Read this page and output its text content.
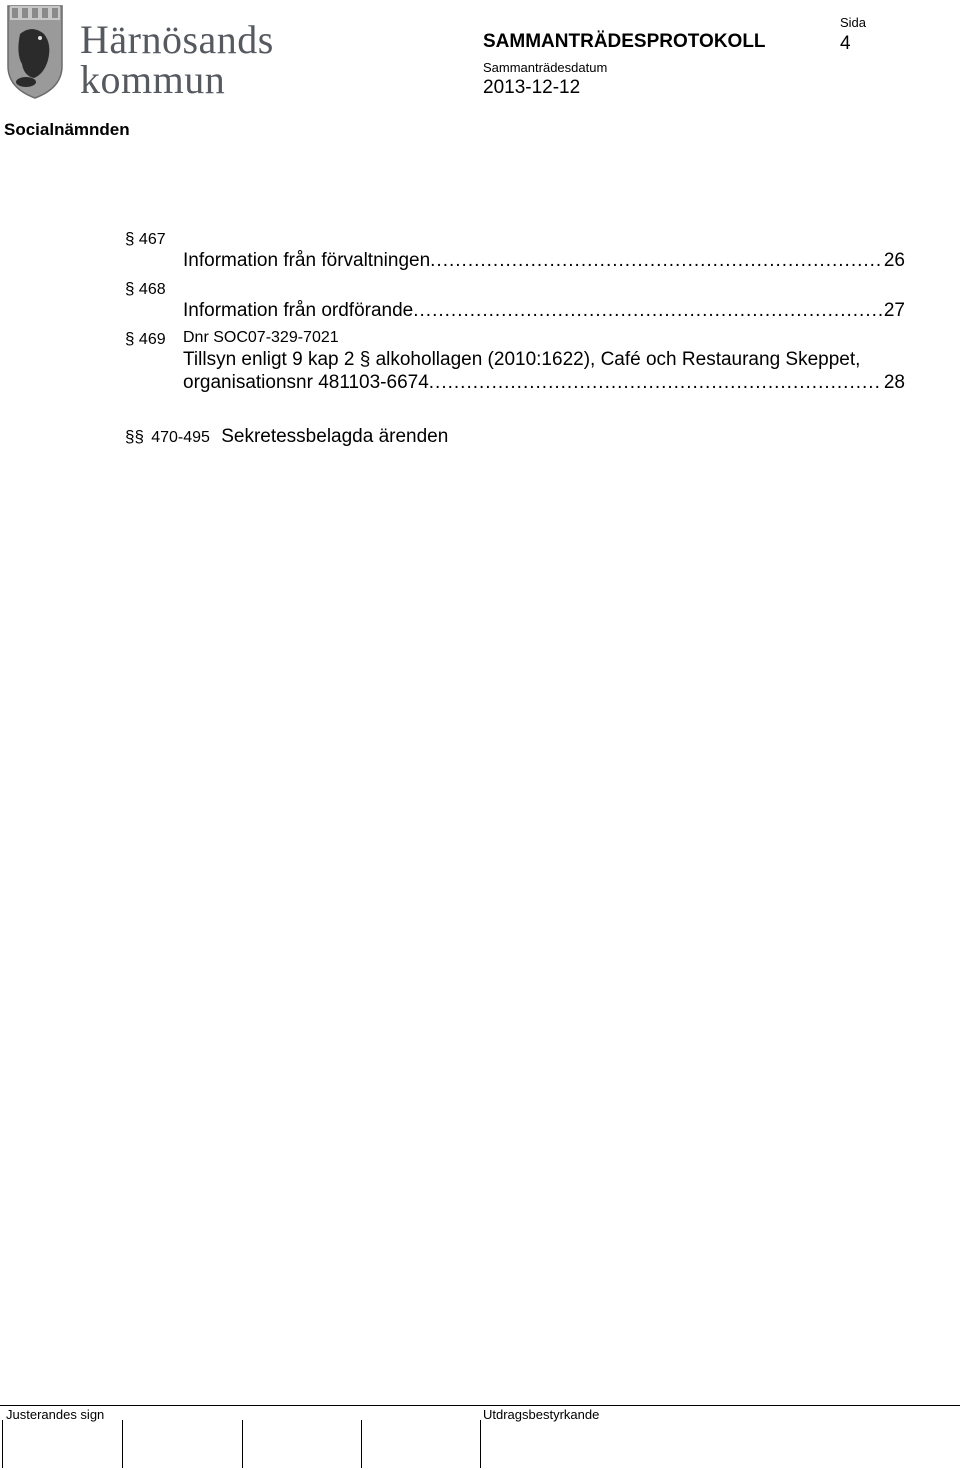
Härnösands
kommun
SAMMANTRÄDESPROTOKOLL
Sida
4
Sammanträdesdatum
2013-12-12
Socialnämnden
§ 467
Information från förvaltningen .....	26
§ 468
Information från ordförande .....	27
§ 469 Dnr SOC07-329-7021
Tillsyn enligt 9 kap 2 § alkohollagen (2010:1622), Café och Restaurang Skeppet,
organisationsnr 481103-6674 .....	28
§§ 470-495 Sekretessbelagda ärenden
Justerandes sign	Utdragsbestyrkande
